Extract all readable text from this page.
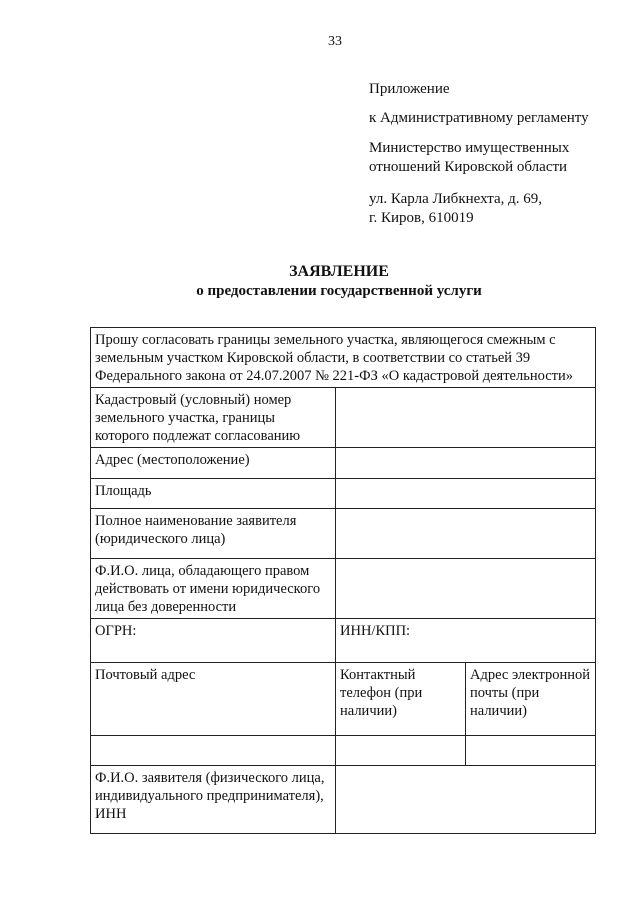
33

Приложение

к Административному регламенту

Министерство имущественных

отношений Кировской области

ул. Карла Либкнехта, д. 69,

г. Киров, 610019

ЗАЯВЛЕНИЕ
о предоставлении государственной услуги
Прошу согласовать границы земельного участка, являющегося смежным с земельным участком Кировской области, в соответствии со статьей 39 Федерального закона от 24.07.2007 № 221-ФЗ «О кадастровой деятельности»		
Кадастровый (условный) номер земельного участка, границы которого подлежат согласованию		
Адрес (местоположение)		
Площадь		
Полное наименование заявителя (юридического лица)		
Ф.И.О. лица, обладающего правом действовать от имени юридического лица без доверенности		
ОГРН:	ИНН/КПП:	
Почтовый адрес	Контактный телефон (при наличии)	Адрес электронной почты (при наличии)

Ф.И.О. заявителя (физического лица, индивидуального предпринимателя), ИНН		
